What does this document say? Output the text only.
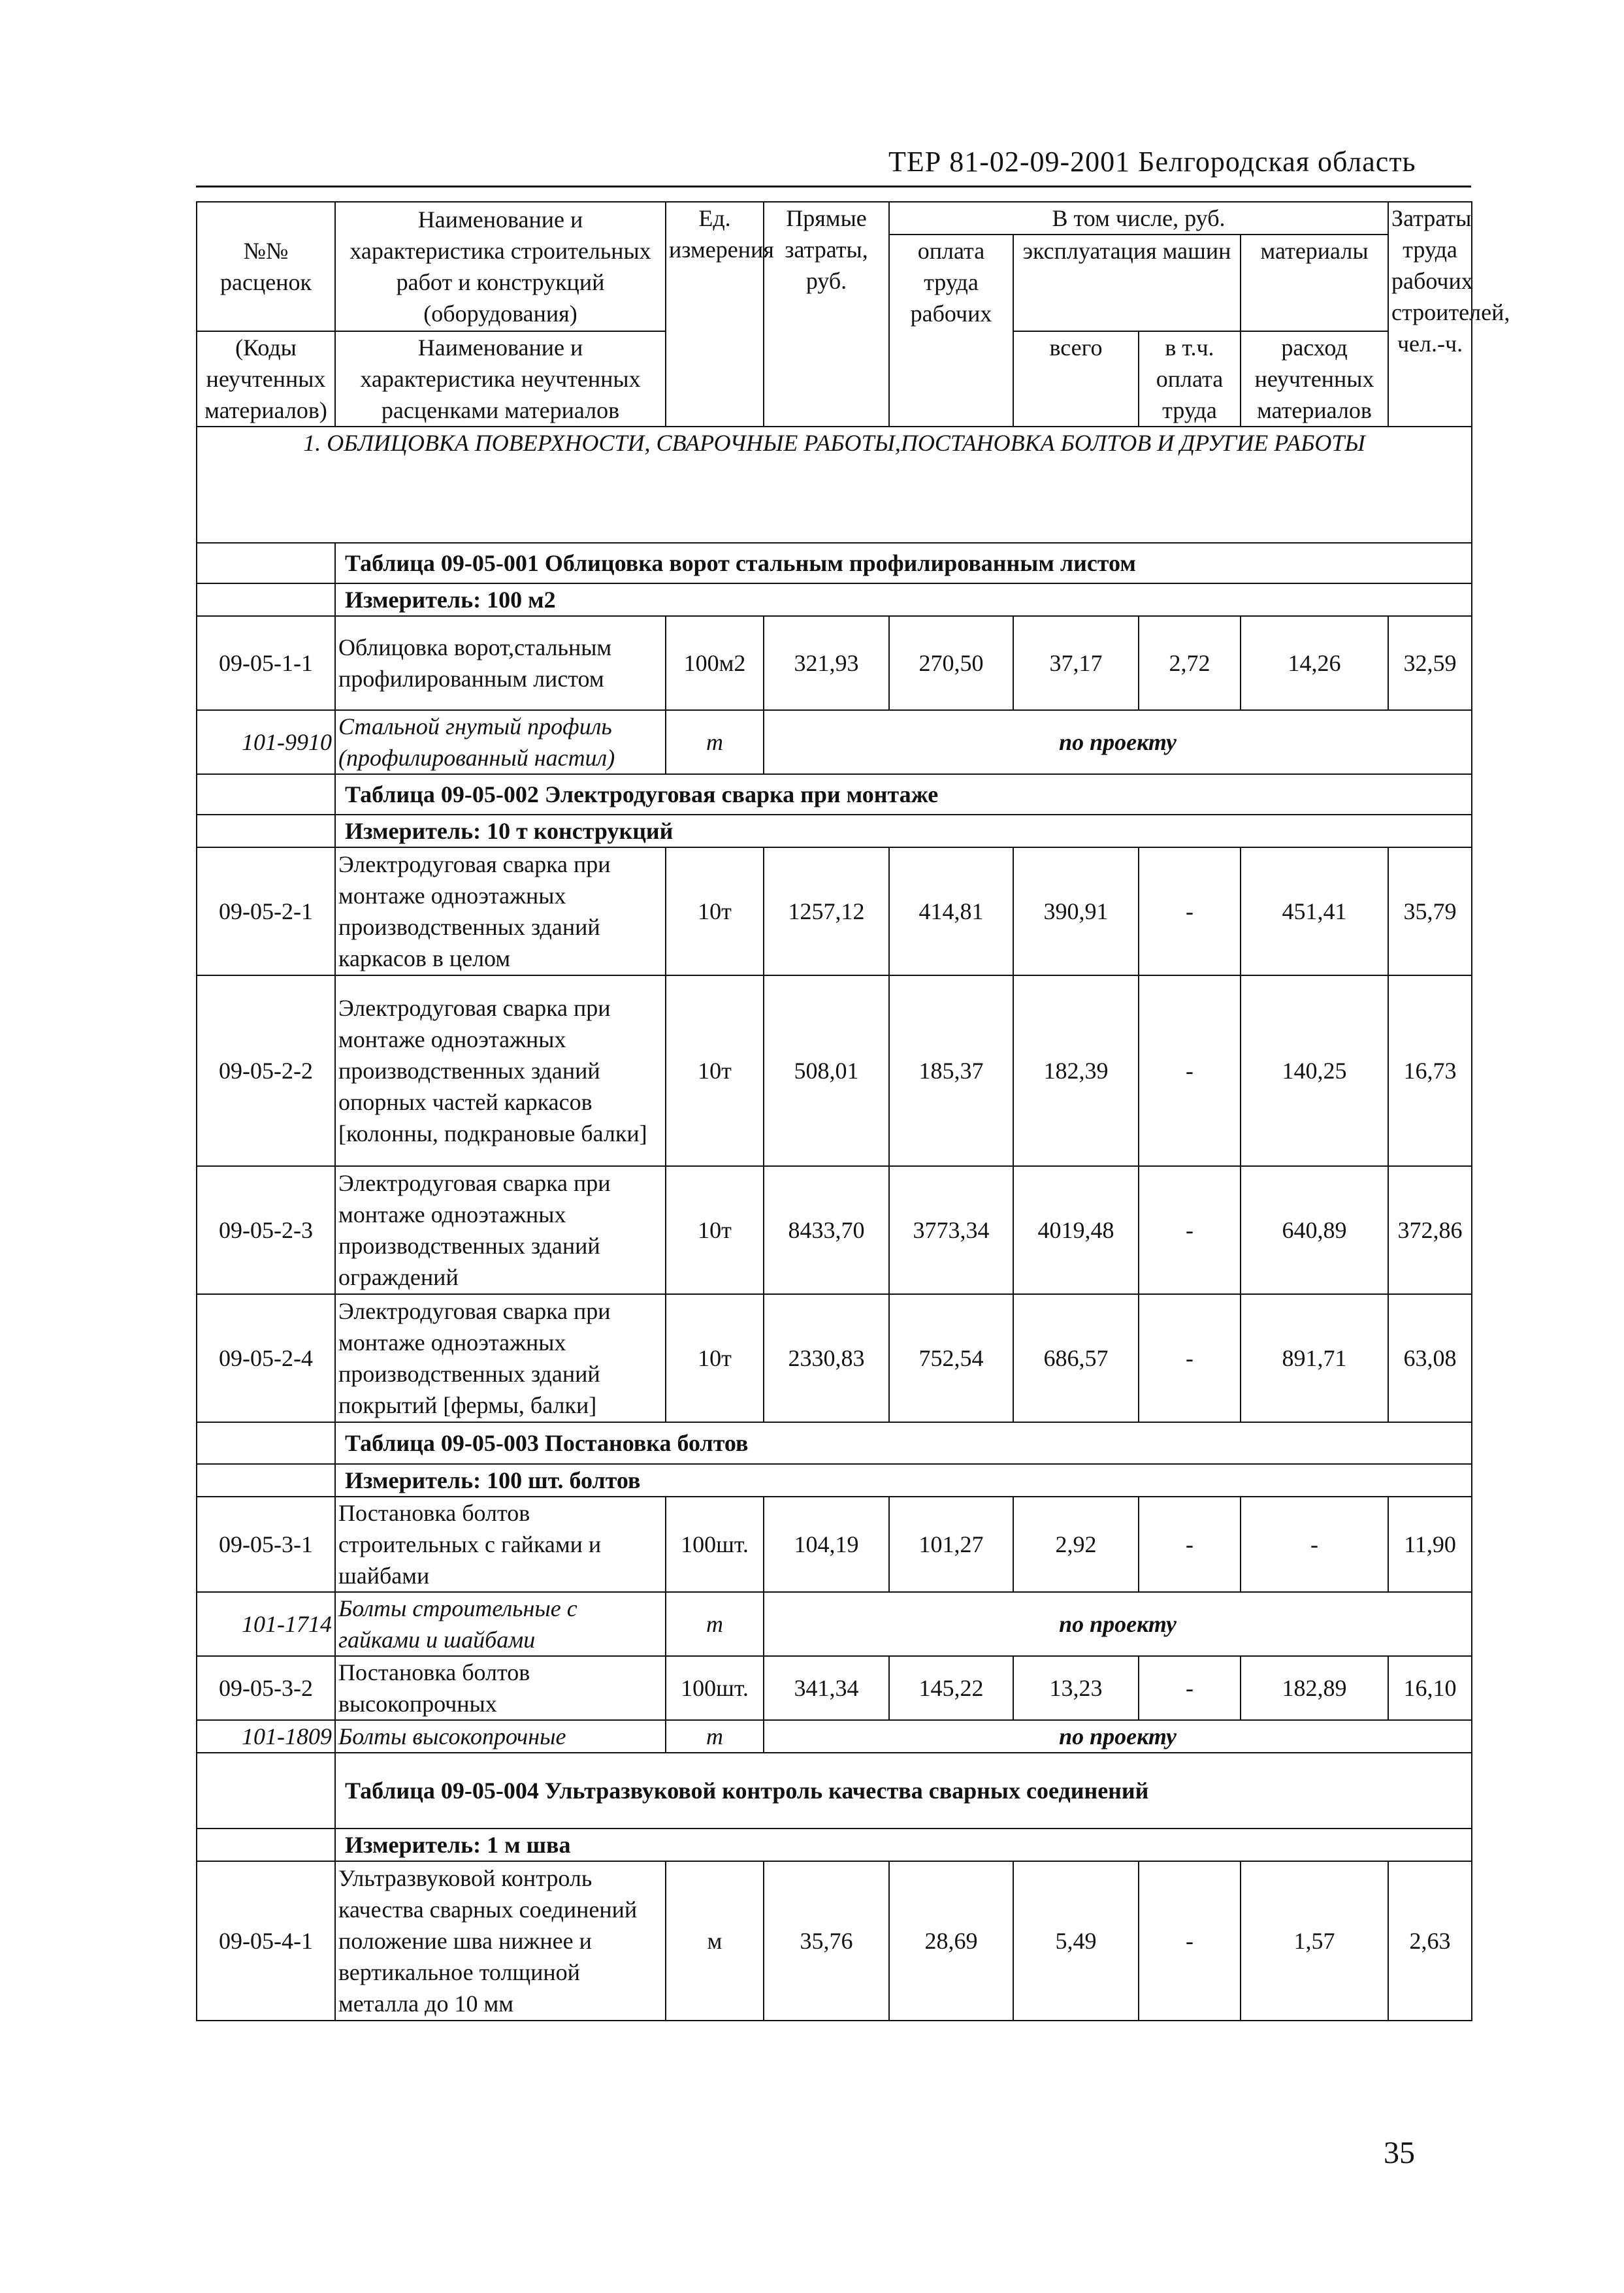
ТЕР 81-02-09-2001 Белгородская область
№№ расценок	Наименование и характеристика строительных работ и конструкций (оборудования)	Ед. измерения	Прямые затраты, руб.	В том числе, руб.				Затраты труда рабочих строителей, чел.-ч.
				оплата труда рабочих	эксплуатация машин		материалы	
(Коды неучтенных материалов)	Наименование и характеристика неучтенных расценками материалов				всего	в т.ч. оплата труда	расход неучтенных материалов	

1. ОБЛИЦОВКА ПОВЕРХНОСТИ, СВАРОЧНЫЕ РАБОТЫ,ПОСТАНОВКА БОЛТОВ И ДРУГИЕ РАБОТЫ								
	Таблица 09-05-001 Облицовка ворот стальным профилированным листом							
	Измеритель: 100 м2							
09-05-1-1	Облицовка ворот,стальным профилированным листом	100м2	321,93	270,50	37,17	2,72	14,26	32,59
101-9910	Стальной гнутый профиль (профилированный настил)	т	по проекту					
	Таблица 09-05-002 Электродуговая сварка при монтаже							
	Измеритель: 10 т конструкций							
09-05-2-1	Электродуговая сварка при монтаже одноэтажных производственных зданий каркасов в целом	10т	1257,12	414,81	390,91	-	451,41	35,79
09-05-2-2	Электродуговая сварка при монтаже одноэтажных производственных зданий опорных частей каркасов [колонны, подкрановые балки]	10т	508,01	185,37	182,39	-	140,25	16,73
09-05-2-3	Электродуговая сварка при монтаже одноэтажных производственных зданий ограждений	10т	8433,70	3773,34	4019,48	-	640,89	372,86
09-05-2-4	Электродуговая сварка при монтаже одноэтажных производственных зданий покрытий [фермы, балки]	10т	2330,83	752,54	686,57	-	891,71	63,08
	Таблица 09-05-003 Постановка болтов							
	Измеритель: 100 шт. болтов							
09-05-3-1	Постановка болтов строительных с гайками и шайбами	100шт.	104,19	101,27	2,92	-	-	11,90
101-1714	Болты строительные с гайками и шайбами	т	по проекту					
09-05-3-2	Постановка болтов высокопрочных	100шт.	341,34	145,22	13,23	-	182,89	16,10
101-1809	Болты высокопрочные	т	по проекту					
	Таблица 09-05-004 Ультразвуковой контроль качества сварных соединений							
	Измеритель: 1 м шва							
09-05-4-1	Ультразвуковой контроль качества сварных соединений положение шва нижнее и вертикальное толщиной металла до 10 мм	м	35,76	28,69	5,49	-	1,57	2,63
35
